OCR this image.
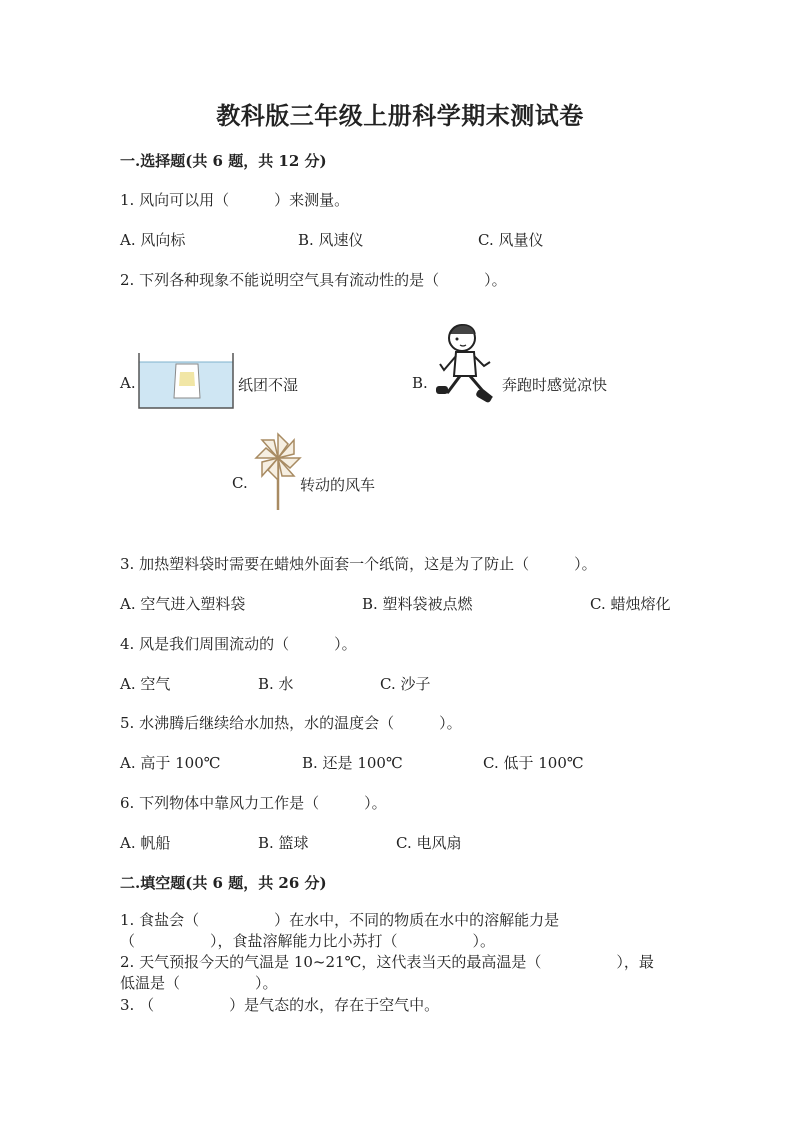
教科版三年级上册科学期末测试卷
一.选择题(共 6 题，共 12 分)
1. 风向可以用（　　　）来测量。
A. 风向标	B. 风速仪	C. 风量仪
2. 下列各种现象不能说明空气具有流动性的是（　　　）。
A.	纸团不湿	B.	奔跑时感觉凉快
C.	转动的风车
3. 加热塑料袋时需要在蜡烛外面套一个纸筒，这是为了防止（　　　）。
A. 空气进入塑料袋	B. 塑料袋被点燃	C. 蜡烛熔化
4. 风是我们周围流动的（　　　）。
A. 空气	B. 水	C. 沙子
5. 水沸腾后继续给水加热，水的温度会（　　　）。
A. 高于 100℃	B. 还是 100℃	C. 低于 100℃
6. 下列物体中靠风力工作是（　　　）。
A. 帆船	B. 篮球	C. 电风扇
二.填空题(共 6 题，共 26 分)
1. 食盐会（　　　　　）在水中，不同的物质在水中的溶解能力是
（　　　　　），食盐溶解能力比小苏打（　　　　　）。
2. 天气预报今天的气温是 10~21℃，这代表当天的最高温是（　　　　　），最
低温是（　　　　　）。
3. （　　　　　）是气态的水，存在于空气中。
